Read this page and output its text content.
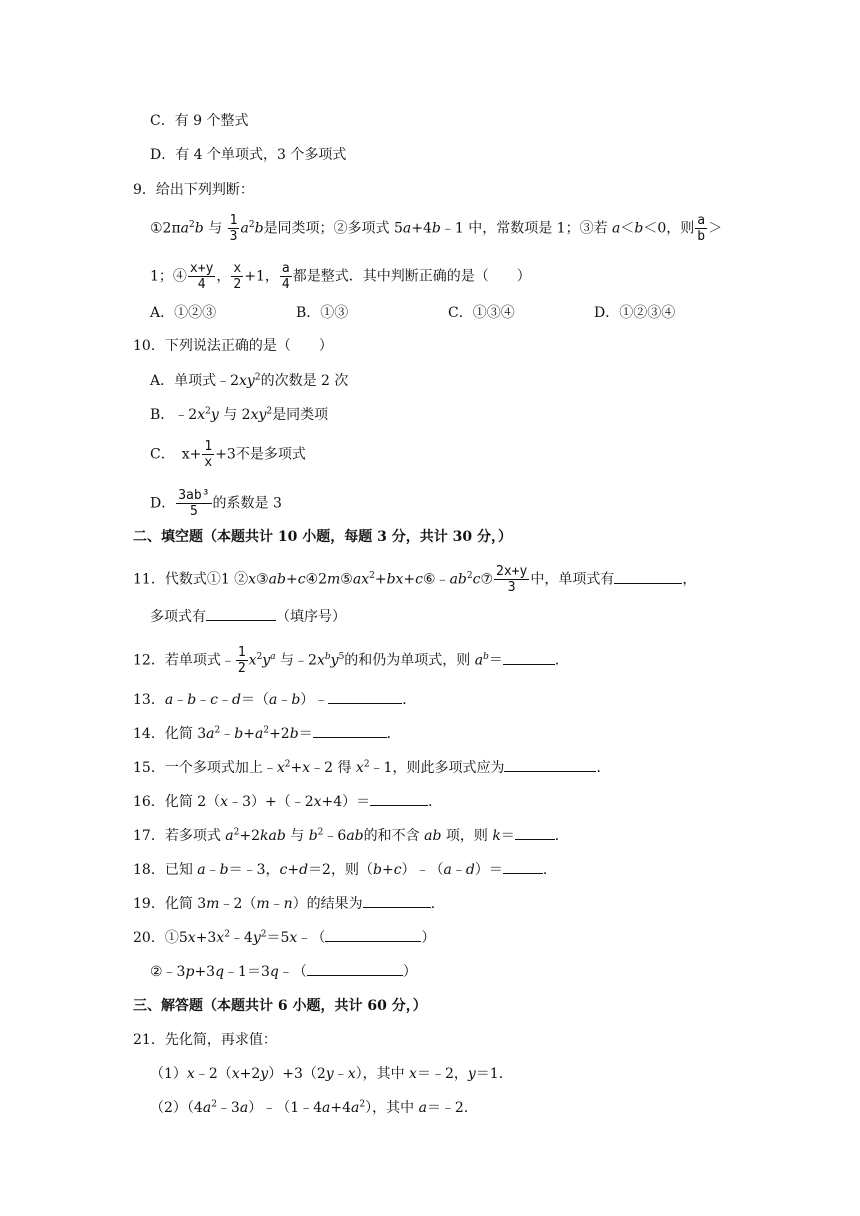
C．有 9 个整式
D．有 4 个单项式，3 个多项式
9．给出下列判断：
$①2\pi a^2b$ 与 $\frac{1}{3} a^2b$是同类项；②多项式 5a+4b﹣1 中，常数项是 1；③若 a＜b＜0，则 $\frac{a}{b}$ ＞
1；④ $\frac{x+y}{4}$ ， $\frac{x}{2} +1$， $\frac{a}{4}$ 都是整式．其中判断正确的是（　　）
A．①②③	B．①③	C．①③④	D．①②③④
10．下列说法正确的是（　　）
A．单项式$﹣2xy^2$的次数是 2 次
B．$﹣2x^2y$ 与 $2xy^2$是同类项
C．　$x+ \frac{1}{x} +3$不是多项式
D． $\frac{\text{3ab³}}{5}$ 的系数是 3
二、填空题（本题共计 10 小题，每题 3 分，共计 30 分，）
11．代数式①1 $②x③ab+c④2m⑤ax^2+bx+c⑥﹣ab^2c⑦ \frac{2x+y}{3}$ 中，单项式有	，
多项式有	（填序号）
12．若单项式﹣ $\frac{1}{2} x^2y^a$ 与$﹣2x^by^5$的和仍为单项式，则 $a^b=$	．
13．a﹣b﹣c﹣d＝（a﹣b）﹣	．
14．化简 $3a^2﹣b+a^2+2b=$	．
15．一个多项式加上$﹣x^2+x﹣2$ 得 $x^2﹣1$，则此多项式应为	．
16．化简 2（x﹣3）+（﹣2x+4）＝	．
17．若多项式 $a^2+2kab$ 与 $b^2﹣6ab$的和不含 ab 项，则 k＝	．
18．已知 a﹣b＝﹣3，c+d＝2，则（b+c）﹣（a﹣d）＝	．
19．化简 3m﹣2（m﹣n）的结果为	．
20．$①5x+3x^2﹣4y^2=5x﹣$（	）
②﹣3p+3q﹣1＝3q﹣（	）
三、解答题（本题共计 6 小题，共计 60 分，）
21．先化简，再求值：
（1）x﹣2（x+2y）+3（2y﹣x），其中 x＝﹣2，y＝1．
$(2)(4a^2﹣3a)﹣(1﹣4a+4a^2)$，其中 a＝﹣2．
